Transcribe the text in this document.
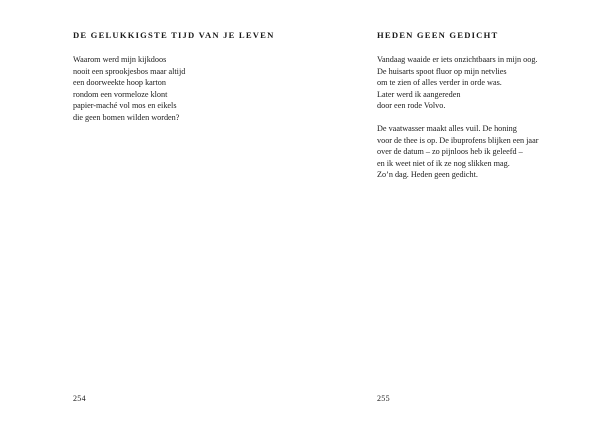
DE GELUKKIGSTE TIJD VAN JE LEVEN
Waarom werd mijn kijkdoos
nooit een sprookjesbos maar altijd
een doorweekte hoop karton
rondom een vormeloze klont
papier-maché vol mos en eikels
die geen bomen wilden worden?
254
HEDEN GEEN GEDICHT
Vandaag waaide er iets onzichtbaars in mijn oog.
De huisarts spoot fluor op mijn netvlies
om te zien of alles verder in orde was.
Later werd ik aangereden
door een rode Volvo.
De vaatwasser maakt alles vuil. De honing
voor de thee is op. De ibuprofens blijken een jaar
over de datum – zo pijnloos heb ik geleefd –
en ik weet niet of ik ze nog slikken mag.
Zo’n dag. Heden geen gedicht.
255
